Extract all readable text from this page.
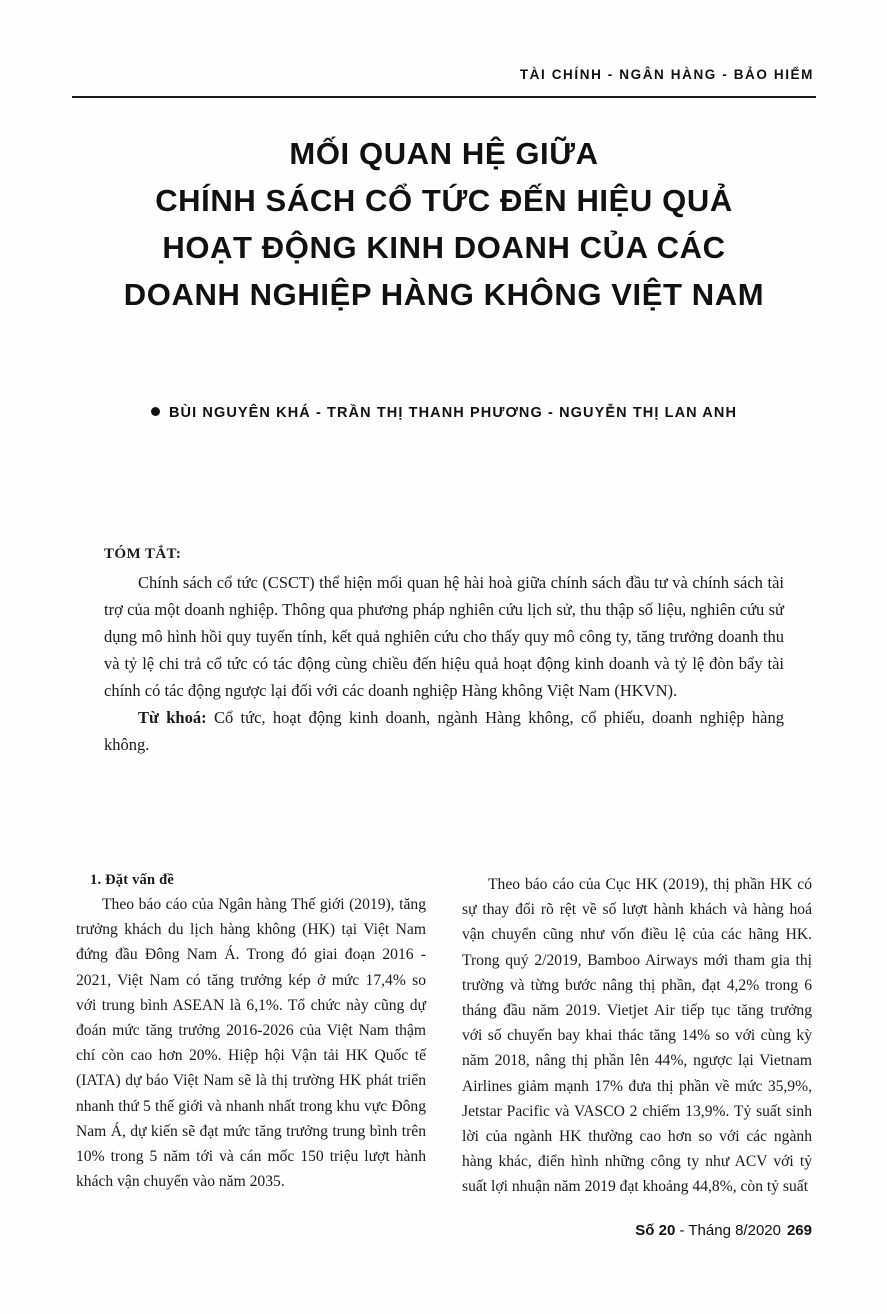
TÀI CHÍNH - NGÂN HÀNG - BẢO HIỂM
MỐI QUAN HỆ GIỮA
CHÍNH SÁCH CỔ TỨC ĐẾN HIỆU QUẢ
HOẠT ĐỘNG KINH DOANH CỦA CÁC
DOANH NGHIỆP HÀNG KHÔNG VIỆT NAM
BÙI NGUYÊN KHÁ - TRẦN THỊ THANH PHƯƠNG - NGUYỄN THỊ LAN ANH
TÓM TẮT:

Chính sách cổ tức (CSCT) thể hiện mối quan hệ hài hoà giữa chính sách đầu tư và chính sách tài trợ của một doanh nghiệp. Thông qua phương pháp nghiên cứu lịch sử, thu thập số liệu, nghiên cứu sử dụng mô hình hồi quy tuyến tính, kết quả nghiên cứu cho thấy quy mô công ty, tăng trưởng doanh thu và tỷ lệ chi trả cổ tức có tác động cùng chiều đến hiệu quả hoạt động kinh doanh và tỷ lệ đòn bẩy tài chính có tác động ngược lại đối với các doanh nghiệp Hàng không Việt Nam (HKVN).

Từ khoá: Cổ tức, hoạt động kinh doanh, ngành Hàng không, cổ phiếu, doanh nghiệp hàng không.

1. Đặt vấn đề

Theo báo cáo của Ngân hàng Thế giới (2019), tăng trưởng khách du lịch hàng không (HK) tại Việt Nam đứng đầu Đông Nam Á. Trong đó giai đoạn 2016 - 2021, Việt Nam có tăng trưởng kép ở mức 17,4% so với trung bình ASEAN là 6,1%. Tổ chức này cũng dự đoán mức tăng trưởng 2016-2026 của Việt Nam thậm chí còn cao hơn 20%. Hiệp hội Vận tải HK Quốc tế (IATA) dự báo Việt Nam sẽ là thị trường HK phát triển nhanh thứ 5 thế giới và nhanh nhất trong khu vực Đông Nam Á, dự kiến sẽ đạt mức tăng trưởng trung bình trên 10% trong 5 năm tới và cán mốc 150 triệu lượt hành khách vận chuyển vào năm 2035.

Theo báo cáo của Cục HK (2019), thị phần HK có sự thay đổi rõ rệt về số lượt hành khách và hàng hoá vận chuyển cũng như vốn điều lệ của các hãng HK. Trong quý 2/2019, Bamboo Airways mới tham gia thị trường và từng bước nâng thị phần, đạt 4,2% trong 6 tháng đầu năm 2019. Vietjet Air tiếp tục tăng trưởng với số chuyến bay khai thác tăng 14% so với cùng kỳ năm 2018, nâng thị phần lên 44%, ngược lại Vietnam Airlines giảm mạnh 17% đưa thị phần về mức 35,9%, Jetstar Pacific và VASCO 2 chiếm 13,9%. Tỷ suất sinh lời của ngành HK thường cao hơn so với các ngành hàng khác, điển hình những công ty như ACV với tỷ suất lợi nhuận năm 2019 đạt khoảng 44,8%, còn tỷ suất

Số 20 - Tháng 8/2020 269
